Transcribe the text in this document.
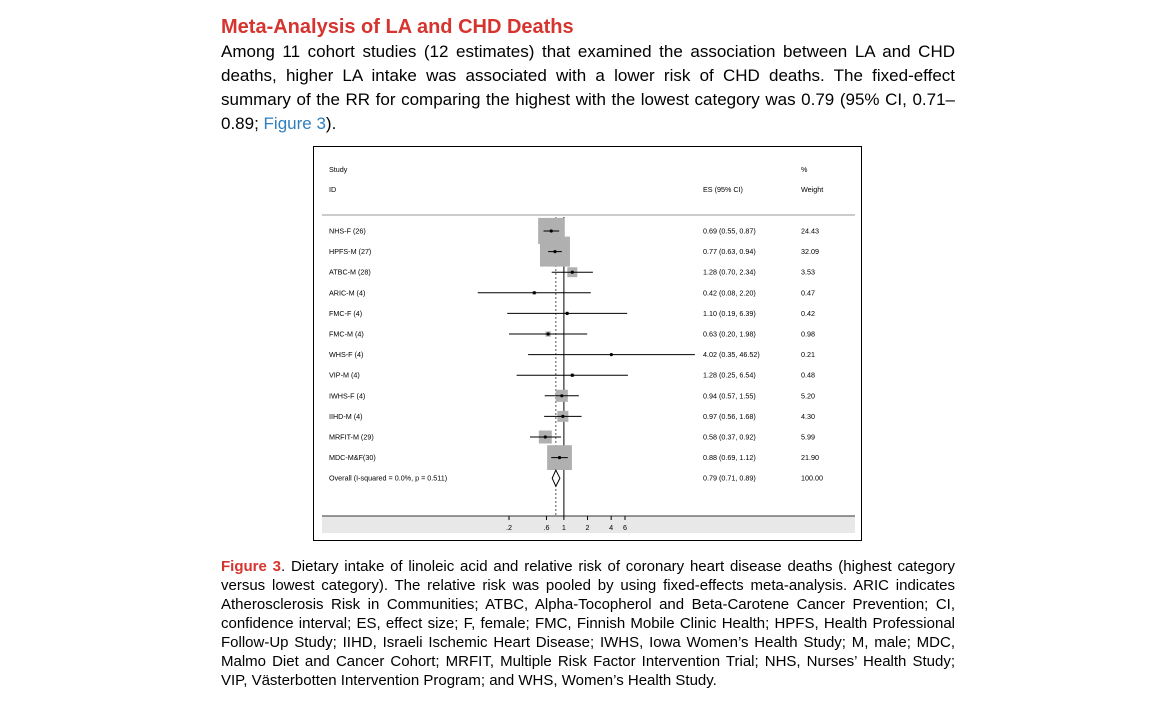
Meta-Analysis of LA and CHD Deaths

Among 11 cohort studies (12 estimates) that examined the association between LA and CHD deaths, higher LA intake was associated with a lower risk of CHD deaths. The fixed-effect summary of the RR for comparing the highest with the lowest category was 0.79 (95% CI, 0.71–0.89; Figure 3).

Study
ID	ES (95% CI)
%
Weight
NHS-F (26)	0.69 (0.55, 0.87)	24.43
HPFS-M (27)	0.77 (0.63, 0.94)	32.09
ATBC-M (28)	1.28 (0.70, 2.34)	3.53
ARIC-M (4)	0.42 (0.08, 2.20)	0.47
FMC-F (4)	1.10 (0.19, 6.39)	0.42
FMC-M (4)	0.63 (0.20, 1.98)	0.98
WHS-F (4)	4.02 (0.35, 46.52)	0.21
VIP-M (4)	1.28 (0.25, 6.54)	0.48
IWHS-F (4)	0.94 (0.57, 1.55)	5.20
IIHD-M (4)	0.97 (0.56, 1.68)	4.30
MRFIT-M (29)	0.58 (0.37, 0.92)	5.99
MDC-M&F(30)	0.88 (0.69, 1.12)	21.90
Overall (I-squared = 0.0%, p = 0.511)	0.79 (0.71, 0.89)	100.00
.2	.6 1	2	4 6

Figure 3. Dietary intake of linoleic acid and relative risk of coronary heart disease deaths (highest category versus lowest category). The relative risk was pooled by using fixed-effects meta-analysis. ARIC indicates Atherosclerosis Risk in Communities; ATBC, Alpha-Tocopherol and Beta-Carotene Cancer Prevention; CI, confidence interval; ES, effect size; F, female; FMC, Finnish Mobile Clinic Health; HPFS, Health Professional Follow-Up Study; IIHD, Israeli Ischemic Heart Disease; IWHS, Iowa Women’s Health Study; M, male; MDC, Malmo Diet and Cancer Cohort; MRFIT, Multiple Risk Factor Intervention Trial; NHS, Nurses’ Health Study; VIP, Västerbotten Intervention Program; and WHS, Women’s Health Study.
